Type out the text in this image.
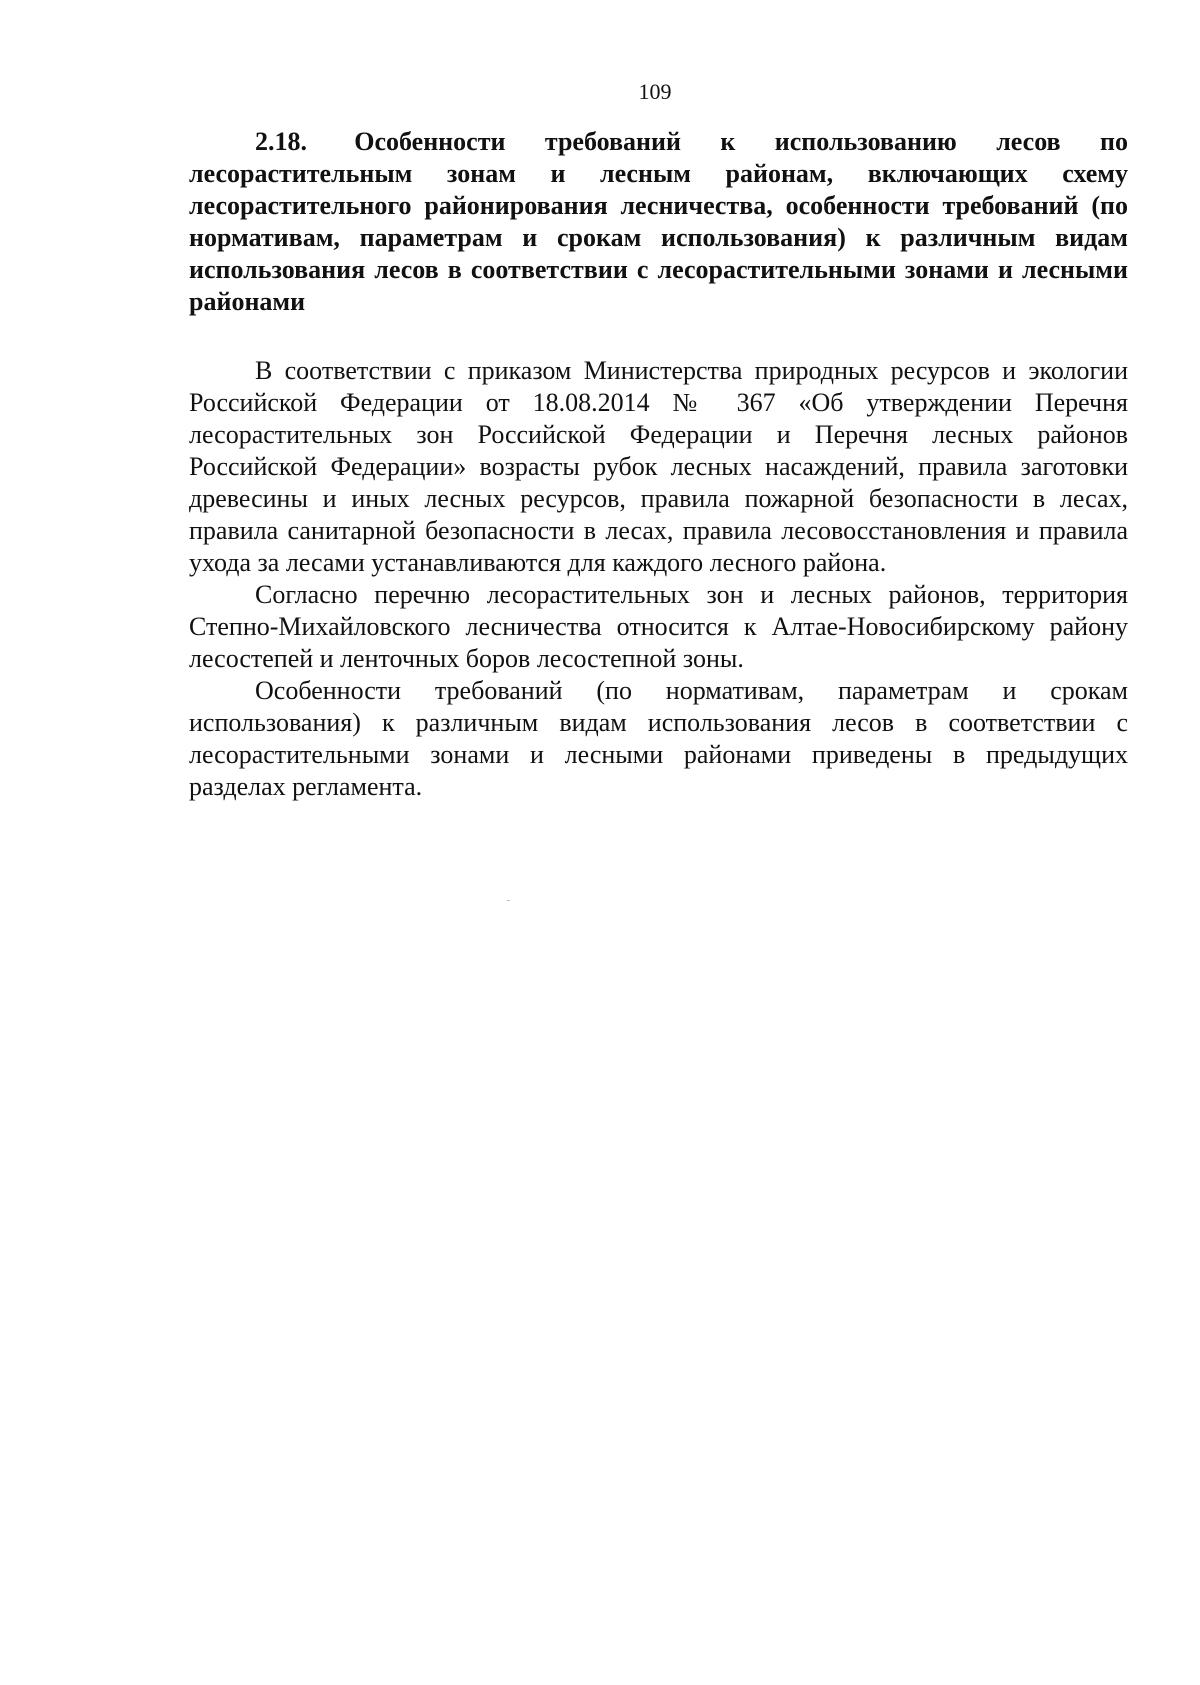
109
2.18. Особенности требований к использованию лесов по лесорастительным зонам и лесным районам, включающих схему лесорастительного районирования лесничества, особенности требований (по нормативам, параметрам и срокам использования) к различным видам использования лесов в соответствии с лесорастительными зонами и лесными районами

В соответствии с приказом Министерства природных ресурсов и экологии Российской Федерации от 18.08.2014 № 367 «Об утверждении Перечня лесорастительных зон Российской Федерации и Перечня лесных районов Российской Федерации» возрасты рубок лесных насаждений, правила заготовки древесины и иных лесных ресурсов, правила пожарной безопасности в лесах, правила санитарной безопасности в лесах, правила лесовосстановления и правила ухода за лесами устанавливаются для каждого лесного района.

Согласно перечню лесорастительных зон и лесных районов, территория Степно-Михайловского лесничества относится к Алтае-Новосибирскому району лесостепей и ленточных боров лесостепной зоны.

Особенности требований (по нормативам, параметрам и срокам использования) к различным видам использования лесов в соответствии с лесорастительными зонами и лесными районами приведены в предыдущих разделах регламента.
